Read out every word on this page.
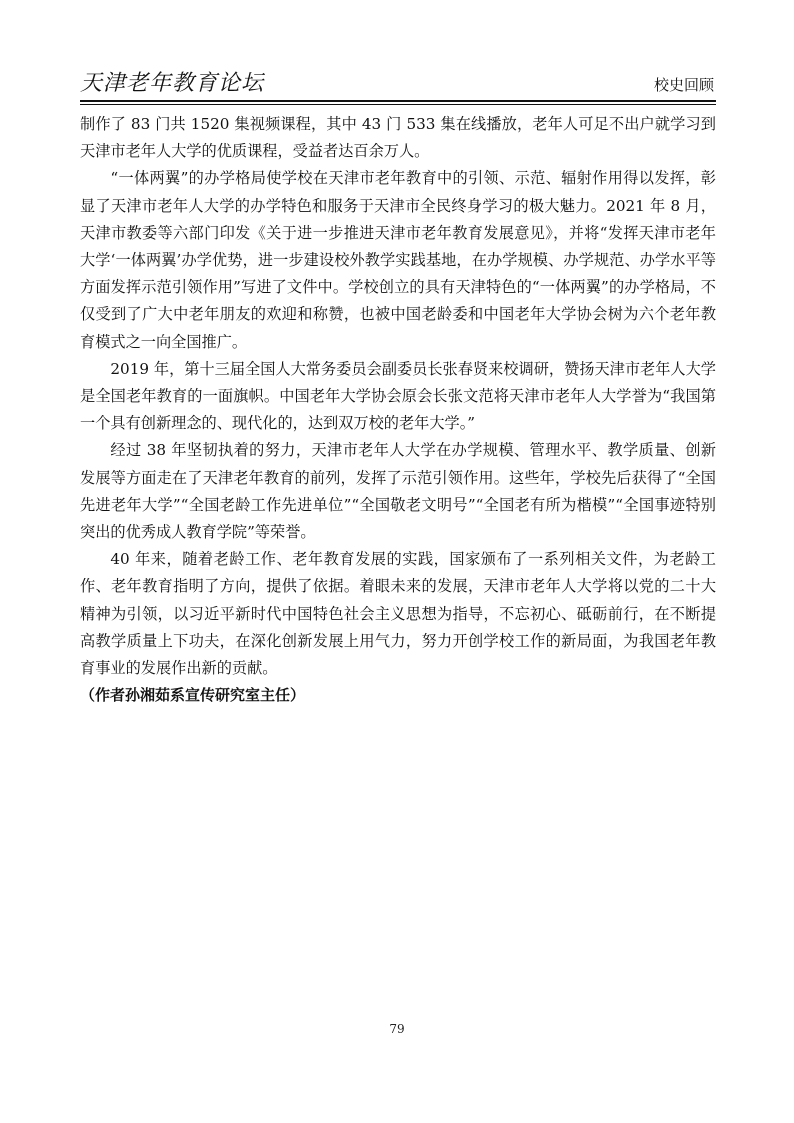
天津老年教育论坛	校史回顾

制作了 83 门共 1520 集视频课程，其中 43 门 533 集在线播放，老年人可足不出户就学习到天津市老年人大学的优质课程，受益者达百余万人。

“一体两翼”的办学格局使学校在天津市老年教育中的引领、示范、辐射作用得以发挥，彰显了天津市老年人大学的办学特色和服务于天津市全民终身学习的极大魅力。2021 年 8 月，天津市教委等六部门印发《关于进一步推进天津市老年教育发展意见》，并将“发挥天津市老年大学‘一体两翼’办学优势，进一步建设校外教学实践基地，在办学规模、办学规范、办学水平等方面发挥示范引领作用”写进了文件中。学校创立的具有天津特色的“一体两翼”的办学格局，不仅受到了广大中老年朋友的欢迎和称赞，也被中国老龄委和中国老年大学协会树为六个老年教育模式之一向全国推广。

2019 年，第十三届全国人大常务委员会副委员长张春贤来校调研，赞扬天津市老年人大学是全国老年教育的一面旗帜。中国老年大学协会原会长张文范将天津市老年人大学誉为“我国第一个具有创新理念的、现代化的，达到双万校的老年大学。”

经过 38 年坚韧执着的努力，天津市老年人大学在办学规模、管理水平、教学质量、创新发展等方面走在了天津老年教育的前列，发挥了示范引领作用。这些年，学校先后获得了“全国先进老年大学”“全国老龄工作先进单位”“全国敬老文明号”“全国老有所为楷模”“全国事迹特别突出的优秀成人教育学院”等荣誉。

40 年来，随着老龄工作、老年教育发展的实践，国家颁布了一系列相关文件，为老龄工作、老年教育指明了方向，提供了依据。着眼未来的发展，天津市老年人大学将以党的二十大精神为引领，以习近平新时代中国特色社会主义思想为指导，不忘初心、砥砺前行，在不断提高教学质量上下功夫，在深化创新发展上用气力，努力开创学校工作的新局面，为我国老年教育事业的发展作出新的贡献。

（作者孙湘茹系宣传研究室主任）

79
